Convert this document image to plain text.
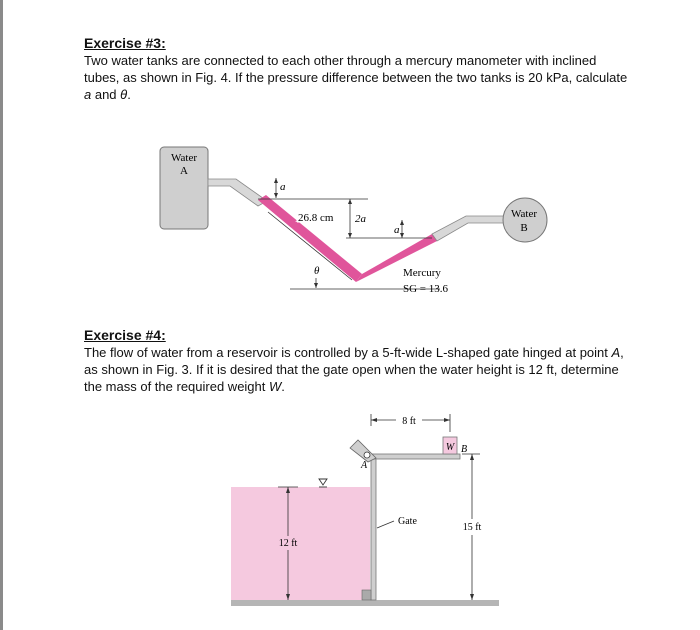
Exercise #3:

Two water tanks are connected to each other through a mercury manometer with inclined tubes, as shown in Fig. 4. If the pressure difference between the two tanks is 20 kPa, calculate a and θ.

Water
A
Water
B
a
26.8 cm 2a
a
θ	Mercury
SG = 13.6
Exercise #4:

The flow of water from a reservoir is controlled by a 5-ft-wide L-shaped gate hinged at point A, as shown in Fig. 3. If it is desired that the gate open when the water height is 12 ft, determine the mass of the required weight W.

12 ft
A
W B
8 ft
15 ft
Gate
